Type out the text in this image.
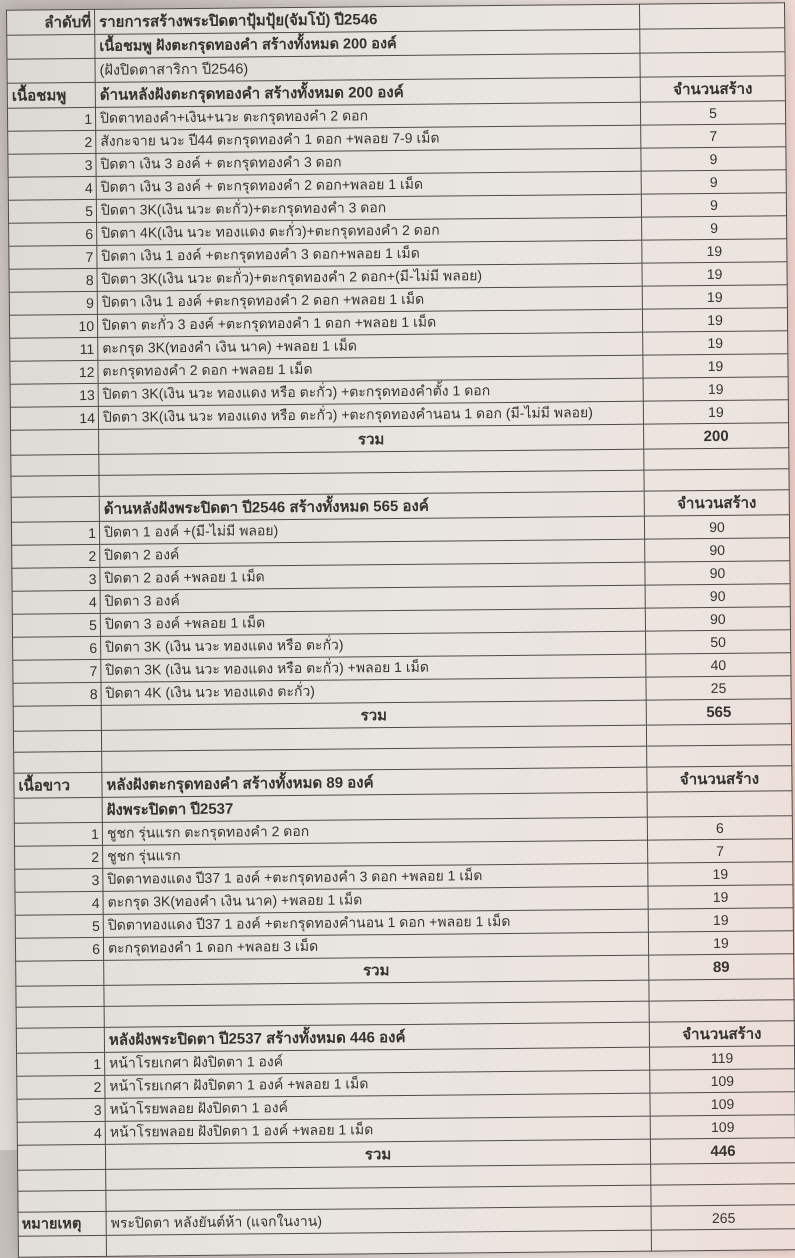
ลำดับที่	รายการสร้างพระปิดตาปุ้มปุ้ย(จัมโบ้) ปี2546	
	เนื้อชมพู ฝังตะกรุดทองคำ สร้างทั้งหมด 200 องค์	
	(ฝังปิดตาสาริกา ปี2546)	
เนื้อชมพู	ด้านหลังฝังตะกรุดทองคำ สร้างทั้งหมด 200 องค์	จำนวนสร้าง
1	ปิดตาทองคำ+เงิน+นวะ ตะกรุดทองคำ 2 ดอก	5
2	สังกะจาย นวะ ปี44 ตะกรุดทองคำ 1 ดอก +พลอย 7-9 เม็ด	7
3	ปิดตา เงิน 3 องค์ + ตะกรุดทองคำ 3 ดอก	9
4	ปิดตา เงิน 3 องค์ + ตะกรุดทองคำ 2 ดอก+พลอย 1 เม็ด	9
5	ปิดตา 3K(เงิน นวะ ตะกั่ว)+ตะกรุดทองคำ 3 ดอก	9
6	ปิดตา 4K(เงิน นวะ ทองแดง ตะกั่ว)+ตะกรุดทองคำ 2 ดอก	9
7	ปิดตา เงิน 1 องค์ +ตะกรุดทองคำ 3 ดอก+พลอย 1 เม็ด	19
8	ปิดตา 3K(เงิน นวะ ตะกั่ว)+ตะกรุดทองคำ 2 ดอก+(มี-ไม่มี พลอย)	19
9	ปิดตา เงิน 1 องค์ +ตะกรุดทองคำ 2 ดอก +พลอย 1 เม็ด	19
10	ปิดตา ตะกั่ว 3 องค์ +ตะกรุดทองคำ 1 ดอก +พลอย 1 เม็ด	19
11	ตะกรุด 3K(ทองคำ เงิน นาค) +พลอย 1 เม็ด	19
12	ตะกรุดทองคำ 2 ดอก +พลอย 1 เม็ด	19
13	ปิดตา 3K(เงิน นวะ ทองแดง หรือ ตะกั่ว) +ตะกรุดทองคำตั้ง 1 ดอก	19
14	ปิดตา 3K(เงิน นวะ ทองแดง หรือ ตะกั่ว) +ตะกรุดทองคำนอน 1 ดอก (มี-ไม่มี พลอย)	19
	รวม	200

	ด้านหลังฝังพระปิดตา ปี2546 สร้างทั้งหมด 565 องค์	จำนวนสร้าง
1	ปิดตา 1 องค์ +(มี-ไม่มี พลอย)	90
2	ปิดตา 2 องค์	90
3	ปิดตา 2 องค์ +พลอย 1 เม็ด	90
4	ปิดตา 3 องค์	90
5	ปิดตา 3 องค์ +พลอย 1 เม็ด	90
6	ปิดตา 3K (เงิน นวะ ทองแดง หรือ ตะกั่ว)	50
7	ปิดตา 3K (เงิน นวะ ทองแดง หรือ ตะกั่ว) +พลอย 1 เม็ด	40
8	ปิดตา 4K (เงิน นวะ ทองแดง ตะกั่ว)	25
	รวม	565

เนื้อขาว	หลังฝังตะกรุดทองคำ สร้างทั้งหมด 89 องค์	จำนวนสร้าง
	ฝังพระปิดตา ปี2537	
1	ชูชก รุ่นแรก ตะกรุดทองคำ 2 ดอก	6
2	ชูชก รุ่นแรก	7
3	ปิดตาทองแดง ปี37 1 องค์ +ตะกรุดทองคำ 3 ดอก +พลอย 1 เม็ด	19
4	ตะกรุด 3K(ทองคำ เงิน นาค) +พลอย 1 เม็ด	19
5	ปิดตาทองแดง ปี37 1 องค์ +ตะกรุดทองคำนอน 1 ดอก +พลอย 1 เม็ด	19
6	ตะกรุดทองคำ 1 ดอก +พลอย 3 เม็ด	19
	รวม	89

	หลังฝังพระปิดตา ปี2537 สร้างทั้งหมด 446 องค์	จำนวนสร้าง
1	หน้าโรยเกศา ฝังปิดตา 1 องค์	119
2	หน้าโรยเกศา ฝังปิดตา 1 องค์ +พลอย 1 เม็ด	109
3	หน้าโรยพลอย ฝังปิดตา 1 องค์	109
4	หน้าโรยพลอย ฝังปิดตา 1 องค์ +พลอย 1 เม็ด	109
	รวม	446

หมายเหตุ	พระปิดตา หลังยันต์ห้า (แจกในงาน)	265
